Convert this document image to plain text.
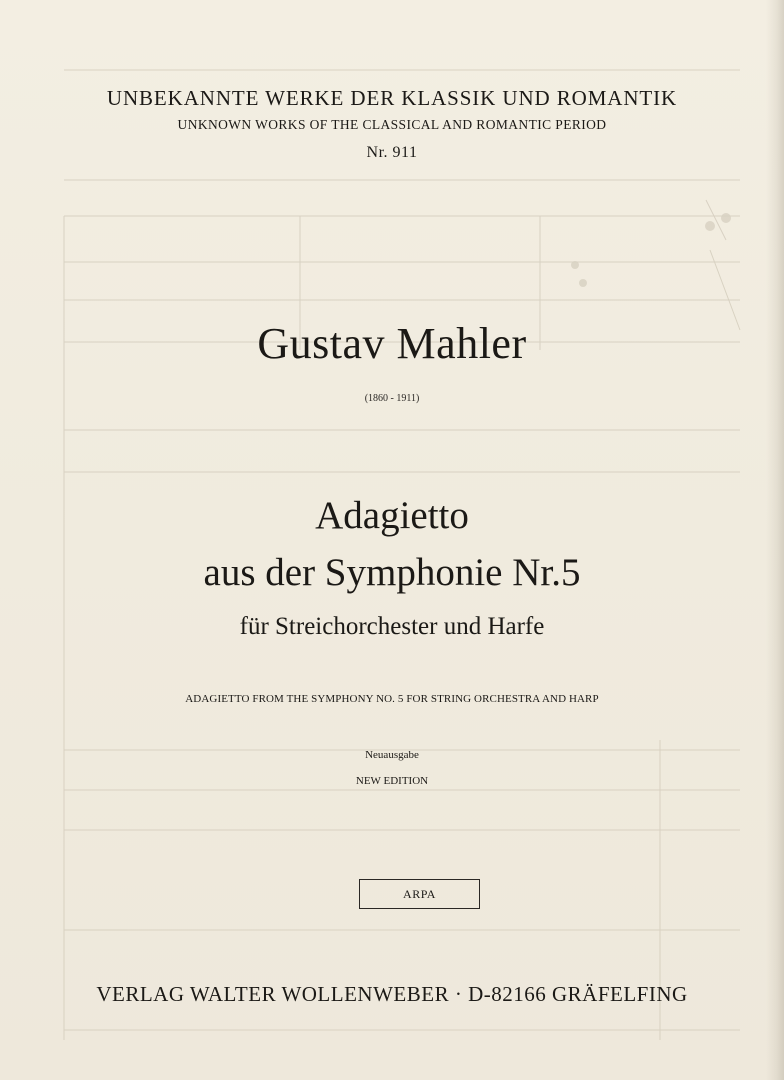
UNBEKANNTE WERKE DER KLASSIK UND ROMANTIK
UNKNOWN WORKS OF THE CLASSICAL AND ROMANTIC PERIOD
Nr. 911
Gustav Mahler
(1860 - 1911)
Adagietto
aus der Symphonie Nr.5
für Streichorchester und Harfe
ADAGIETTO FROM THE SYMPHONY NO. 5 FOR STRING ORCHESTRA AND HARP
Neuausgabe
NEW EDITION
ARPA
VERLAG WALTER WOLLENWEBER · D-82166 GRÄFELFING
